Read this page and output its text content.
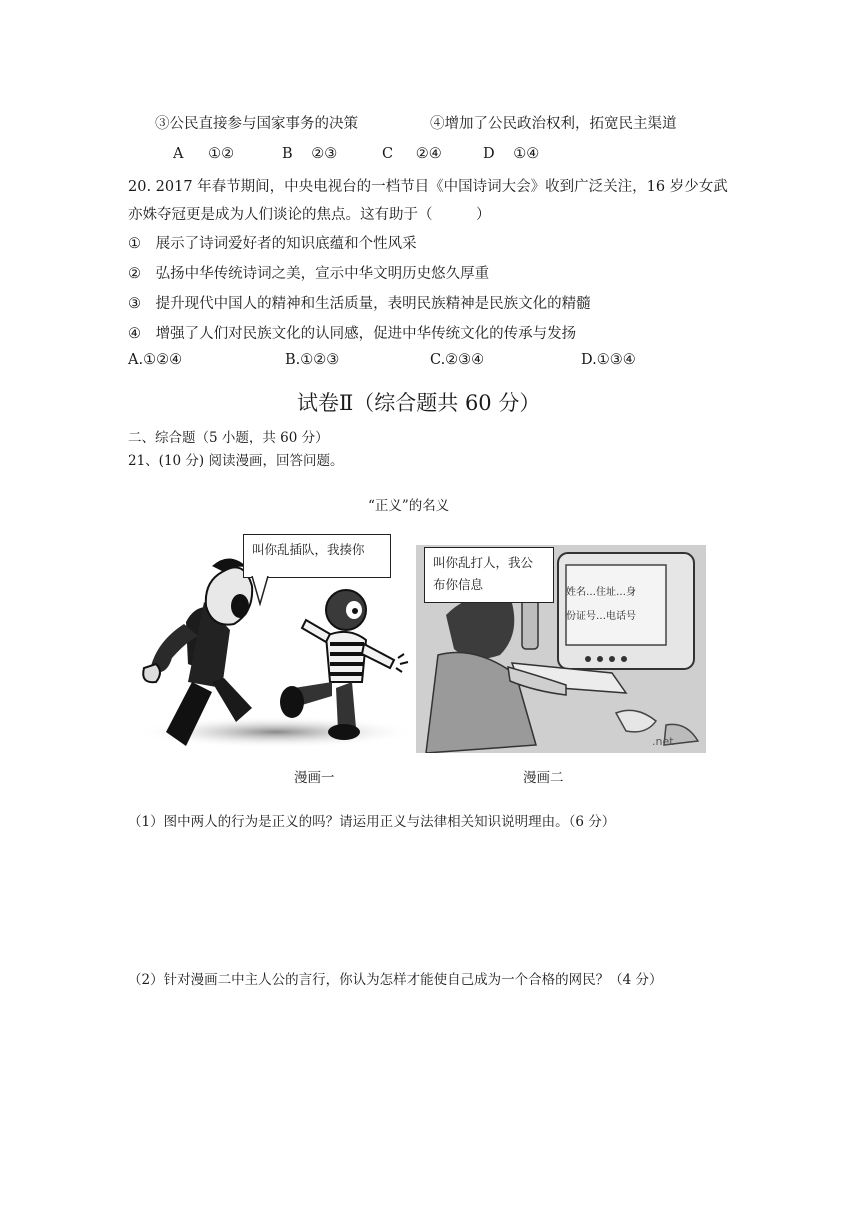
③公民直接参与国家事务的决策	④增加了公民政治权利，拓宽民主渠道
A ①②	B ②③	C ②④	D ①④
20. 2017 年春节期间，中央电视台的一档节目《中国诗词大会》收到广泛关注，16 岁少女武
亦姝夺冠更是成为人们谈论的焦点。这有助于（　　　）
① 展示了诗词爱好者的知识底蕴和个性风采
② 弘扬中华传统诗词之美，宣示中华文明历史悠久厚重
③ 提升现代中国人的精神和生活质量，表明民族精神是民族文化的精髓
④ 增强了人们对民族文化的认同感，促进中华传统文化的传承与发扬
A.①②④	B.①②③	C.②③④	D.①③④
试卷Ⅱ（综合题共 60 分）
二、综合题（5 小题，共 60 分）
21、(10 分) 阅读漫画，回答问题。
“正义”的名义
叫你乱插队，我揍你
.net
姓名…住址…身
份证号…电话号
叫你乱打人，我公
布你信息
漫画一	漫画二
（1）图中两人的行为是正义的吗？请运用正义与法律相关知识说明理由。（6 分）
（2）针对漫画二中主人公的言行，你认为怎样才能使自己成为一个合格的网民？（4 分）
